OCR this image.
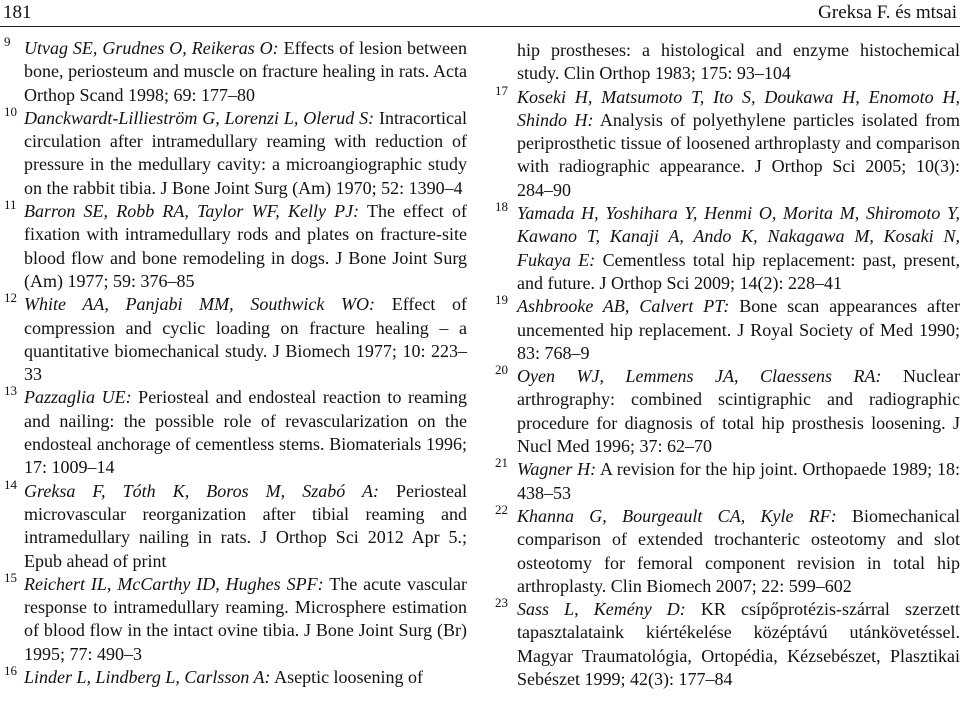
181	Greksa F. és mtsai

9 Utvag SE, Grudnes O, Reikeras O: Effects of lesion between bone, periosteum and muscle on fracture healing in rats. Acta Orthop Scand 1998; 69: 177–80

10 Danckwardt-Lillieström G, Lorenzi L, Olerud S: Intracortical circulation after intramedullary reaming with reduction of pressure in the medullary cavity: a microangiographic study on the rabbit tibia. J Bone Joint Surg (Am) 1970; 52: 1390–4

11 Barron SE, Robb RA, Taylor WF, Kelly PJ: The effect of fixation with intramedullary rods and plates on fracture-site blood flow and bone remodeling in dogs. J Bone Joint Surg (Am) 1977; 59: 376–85

12 White AA, Panjabi MM, Southwick WO: Effect of compression and cyclic loading on fracture healing – a quantitative biomechanical study. J Biomech 1977; 10: 223–33

13 Pazzaglia UE: Periosteal and endosteal reaction to reaming and nailing: the possible role of revascularization on the endosteal anchorage of cementless stems. Biomaterials 1996; 17: 1009–14

14 Greksa F, Tóth K, Boros M, Szabó A: Periosteal microvascular reorganization after tibial reaming and intramedullary nailing in rats. J Orthop Sci 2012 Apr 5.; Epub ahead of print

15 Reichert IL, McCarthy ID, Hughes SPF: The acute vascular response to intramedullary reaming. Microsphere estimation of blood flow in the intact ovine tibia. J Bone Joint Surg (Br) 1995; 77: 490–3

16 Linder L, Lindberg L, Carlsson A: Aseptic loosening of

hip prostheses: a histological and enzyme histochemical study. Clin Orthop 1983; 175: 93–104

17 Koseki H, Matsumoto T, Ito S, Doukawa H, Enomoto H, Shindo H: Analysis of polyethylene particles isolated from periprosthetic tissue of loosened arthroplasty and comparison with radiographic appearance. J Orthop Sci 2005; 10(3): 284–90

18 Yamada H, Yoshihara Y, Henmi O, Morita M, Shiromoto Y, Kawano T, Kanaji A, Ando K, Nakagawa M, Kosaki N, Fukaya E: Cementless total hip replacement: past, present, and future. J Orthop Sci 2009; 14(2): 228–41

19 Ashbrooke AB, Calvert PT: Bone scan appearances after uncemented hip replacement. J Royal Society of Med 1990; 83: 768–9

20 Oyen WJ, Lemmens JA, Claessens RA: Nuclear arthrography: combined scintigraphic and radiographic procedure for diagnosis of total hip prosthesis loosening. J Nucl Med 1996; 37: 62–70

21 Wagner H: A revision for the hip joint. Orthopaede 1989; 18: 438–53

22 Khanna G, Bourgeault CA, Kyle RF: Biomechanical comparison of extended trochanteric osteotomy and slot osteotomy for femoral component revision in total hip arthroplasty. Clin Biomech 2007; 22: 599–602

23 Sass L, Kemény D: KR csípőprotézis-szárral szerzett tapasztalataink kiértékelése középtávú utánkövetéssel. Magyar Traumatológia, Ortopédia, Kézsebészet, Plasztikai Sebészet 1999; 42(3): 177–84
